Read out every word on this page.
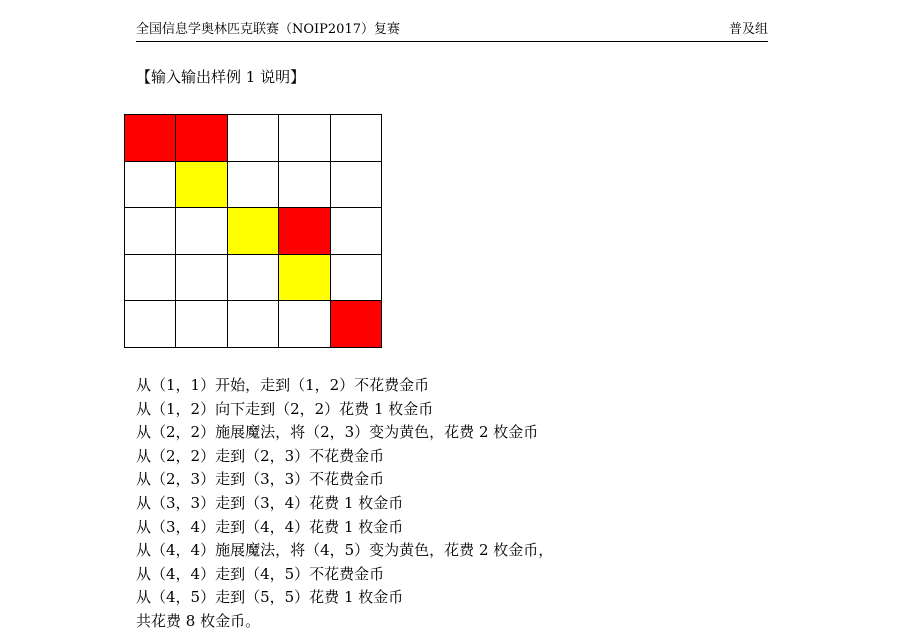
全国信息学奥林匹克联赛（NOIP2017）复赛	普及组
【输入输出样例 1 说明】
从（1，1）开始，走到（1，2）不花费金币
从（1，2）向下走到（2，2）花费 1 枚金币
从（2，2）施展魔法，将（2，3）变为黄色，花费 2 枚金币
从（2，2）走到（2，3）不花费金币
从（2，3）走到（3，3）不花费金币
从（3，3）走到（3，4）花费 1 枚金币
从（3，4）走到（4，4）花费 1 枚金币
从（4，4）施展魔法，将（4，5）变为黄色，花费 2 枚金币，
从（4，4）走到（4，5）不花费金币
从（4，5）走到（5，5）花费 1 枚金币
共花费 8 枚金币。
